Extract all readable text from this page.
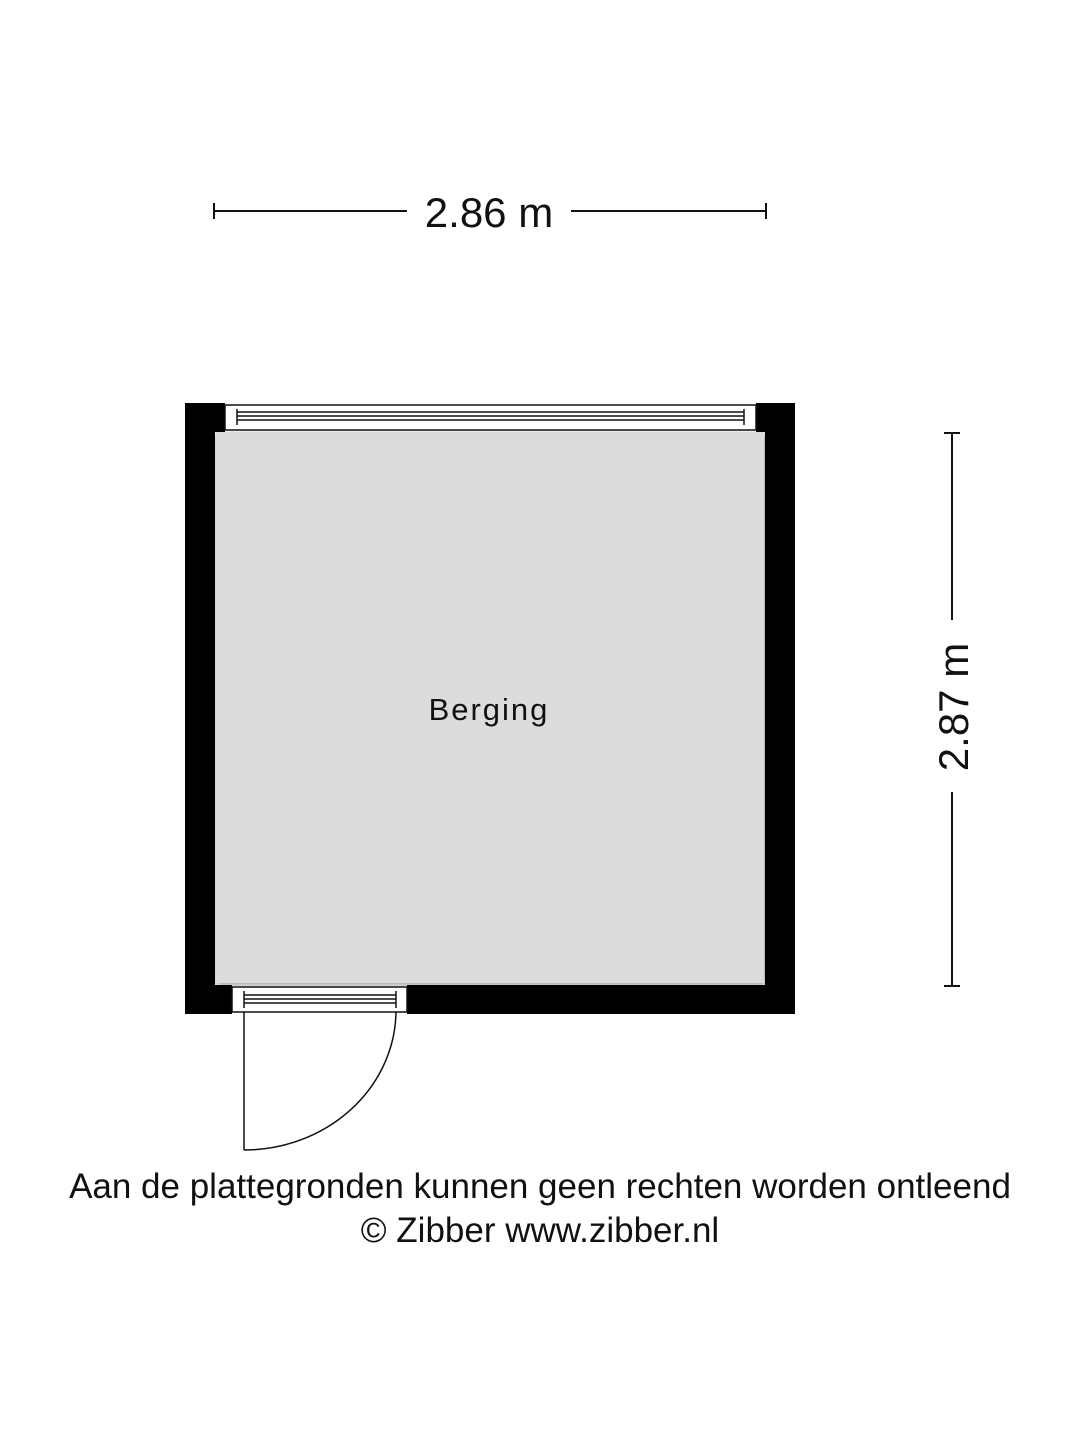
2.86 m
2.87 m
Berging
Aan de plattegronden kunnen geen rechten worden ontleend
© Zibber www.zibber.nl
